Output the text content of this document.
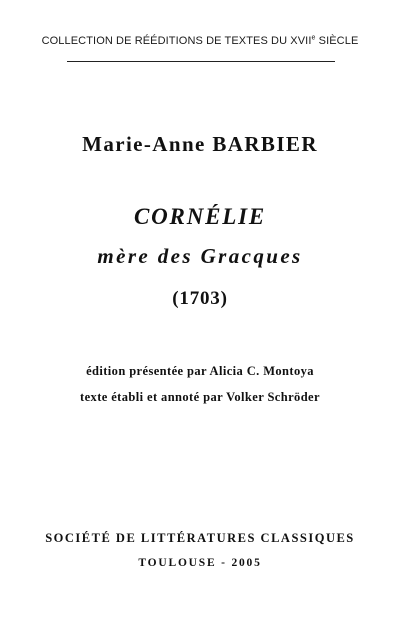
COLLECTION DE RÉÉDITIONS DE TEXTES DU XVIIe SIÈCLE
Marie-Anne BARBIER
CORNÉLIE
mère des Gracques
(1703)
édition présentée par Alicia C. Montoya
texte établi et annoté par Volker Schröder
SOCIÉTÉ DE LITTÉRATURES CLASSIQUES
TOULOUSE - 2005
